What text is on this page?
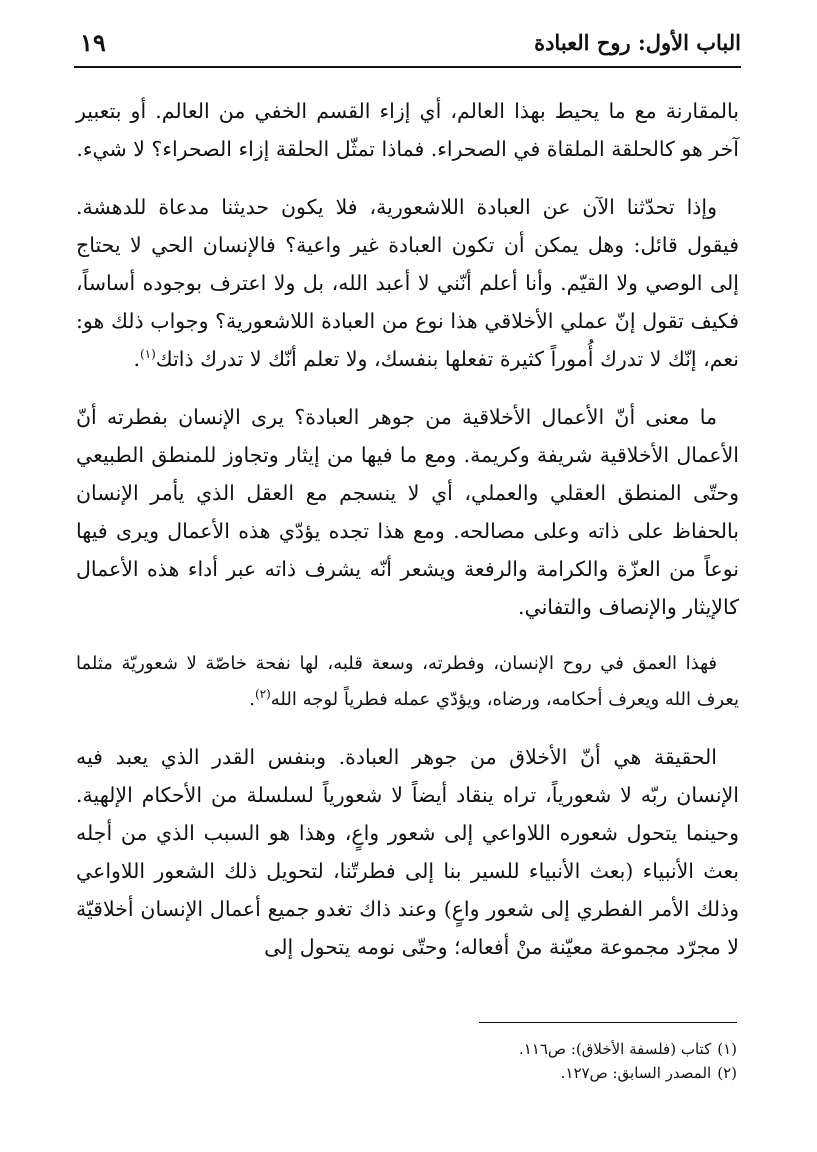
الباب الأول: روح العبادة
١٩

بالمقارنة مع ما يحيط بهذا العالم، أي إزاء القسم الخفي من العالم. أو بتعبير آخر هو كالحلقة الملقاة في الصحراء. فماذا تمثّل الحلقة إزاء الصحراء؟ لا شيء.

وإذا تحدّثنا الآن عن العبادة اللاشعورية، فلا يكون حديثنا مدعاة للدهشة. فيقول قائل: وهل يمكن أن تكون العبادة غير واعية؟ فالإنسان الحي لا يحتاج إلى الوصي ولا القيّم. وأنا أعلم أنّني لا أعبد الله، بل ولا اعترف بوجوده أساساً، فكيف تقول إنّ عملي الأخلاقي هذا نوع من العبادة اللاشعورية؟ وجواب ذلك هو: نعم، إنّك لا تدرك أُموراً كثيرة تفعلها بنفسك، ولا تعلم أنّك لا تدرك ذاتك$^{(١)}$.

ما معنى أنّ الأعمال الأخلاقية من جوهر العبادة؟ يرى الإنسان بفطرته أنّ الأعمال الأخلاقية شريفة وكريمة. ومع ما فيها من إيثار وتجاوز للمنطق الطبيعي وحتّى المنطق العقلي والعملي، أي لا ينسجم مع العقل الذي يأمر الإنسان بالحفاظ على ذاته وعلى مصالحه. ومع هذا تجده يؤدّي هذه الأعمال ويرى فيها نوعاً من العزّة والكرامة والرفعة ويشعر أنّه يشرف ذاته عبر أداء هذه الأعمال كالإيثار والإنصاف والتفاني.

فهذا العمق في روح الإنسان، وفطرته، وسعة قلبه، لها نفحة خاصّة لا شعوريّة مثلما يعرف الله ويعرف أحكامه، ورضاه، ويؤدّي عمله فطرياً لوجه الله$^{(٢)}$.

الحقيقة هي أنّ الأخلاق من جوهر العبادة. وبنفس القدر الذي يعبد فيه الإنسان ربّه لا شعورياً، تراه ينقاد أيضاً لا شعورياً لسلسلة من الأحكام الإلهية. وحينما يتحول شعوره اللاواعي إلى شعور واعٍ، وهذا هو السبب الذي من أجله بعث الأنبياء (بعث الأنبياء للسير بنا إلى فطرتّنا، لتحويل ذلك الشعور اللاواعي وذلك الأمر الفطري إلى شعور واعٍ) وعند ذاك تغدو جميع أعمال الإنسان أخلاقيّة لا مجرّد مجموعة معيّنة منْ أفعاله؛ وحتّى نومه يتحول إلى

(١)كتاب (فلسفة الأخلاق): ص١١٦.

(٢)المصدر السابق: ص١٢٧.
